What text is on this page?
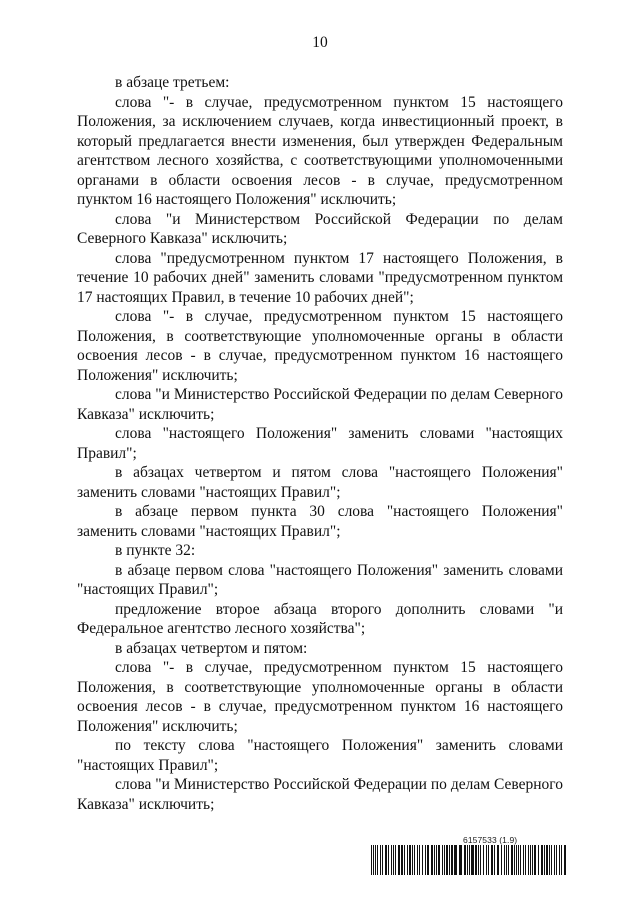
10

в абзаце третьем:

слова "- в случае, предусмотренном пунктом 15 настоящего Положения, за исключением случаев, когда инвестиционный проект, в который предлагается внести изменения, был утвержден Федеральным агентством лесного хозяйства, с соответствующими уполномоченными органами в области освоения лесов - в случае, предусмотренном пунктом 16 настоящего Положения" исключить;

слова "и Министерством Российской Федерации по делам Северного Кавказа" исключить;

слова "предусмотренном пунктом 17 настоящего Положения, в течение 10 рабочих дней" заменить словами "предусмотренном пунктом 17 настоящих Правил, в течение 10 рабочих дней";

слова "- в случае, предусмотренном пунктом 15 настоящего Положения, в соответствующие уполномоченные органы в области освоения лесов - в случае, предусмотренном пунктом 16 настоящего Положения" исключить;

слова "и Министерство Российской Федерации по делам Северного Кавказа" исключить;

слова "настоящего Положения" заменить словами "настоящих Правил";

в абзацах четвертом и пятом слова "настоящего Положения" заменить словами "настоящих Правил";

в абзаце первом пункта 30 слова "настоящего Положения" заменить словами "настоящих Правил";

в пункте 32:

в абзаце первом слова "настоящего Положения" заменить словами "настоящих Правил";

предложение второе абзаца второго дополнить словами "и Федеральное агентство лесного хозяйства";

в абзацах четвертом и пятом:

слова "- в случае, предусмотренном пунктом 15 настоящего Положения, в соответствующие уполномоченные органы в области освоения лесов - в случае, предусмотренном пунктом 16 настоящего Положения" исключить;

по тексту слова "настоящего Положения" заменить словами "настоящих Правил";

слова "и Министерство Российской Федерации по делам Северного Кавказа" исключить;

6157533 (1.9)
